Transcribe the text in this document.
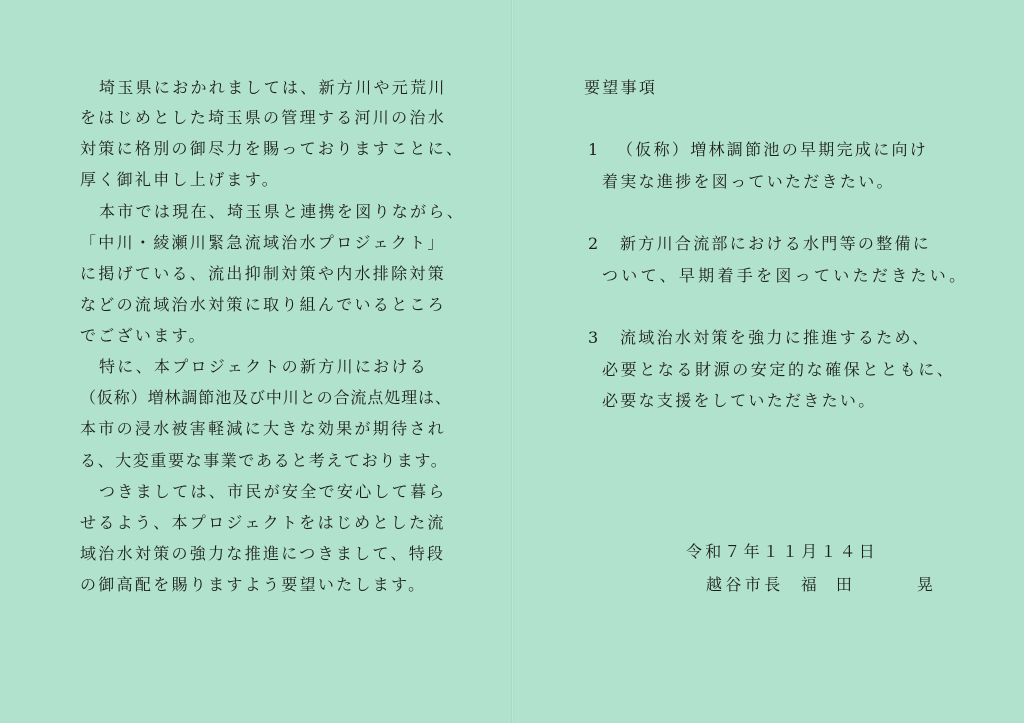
埼玉県におかれましては、新方川や元荒川
をはじめとした埼玉県の管理する河川の治水
対策に格別の御尽力を賜っておりますことに、
厚く御礼申し上げます。
本市では現在、埼玉県と連携を図りながら、
「中川・綾瀬川緊急流域治水プロジェクト」
に掲げている、流出抑制対策や内水排除対策
などの流域治水対策に取り組んでいるところ
でございます。
特に、本プロジェクトの新方川における
（仮称）増林調節池及び中川との合流点処理は、
本市の浸水被害軽減に大きな効果が期待され
る、大変重要な事業であると考えております。
つきましては、市民が安全で安心して暮ら
せるよう、本プロジェクトをはじめとした流
域治水対策の強力な推進につきまして、特段
の御高配を賜りますよう要望いたします。
要望事項
1 （仮称）増林調節池の早期完成に向け
着実な進捗を図っていただきたい。
2 新方川合流部における水門等の整備に
ついて、早期着手を図っていただきたい。
3 流域治水対策を強力に推進するため、
必要となる財源の安定的な確保とともに、
必要な支援をしていただきたい。
令和７年１１月１４日
越谷市長 福 田	晃
